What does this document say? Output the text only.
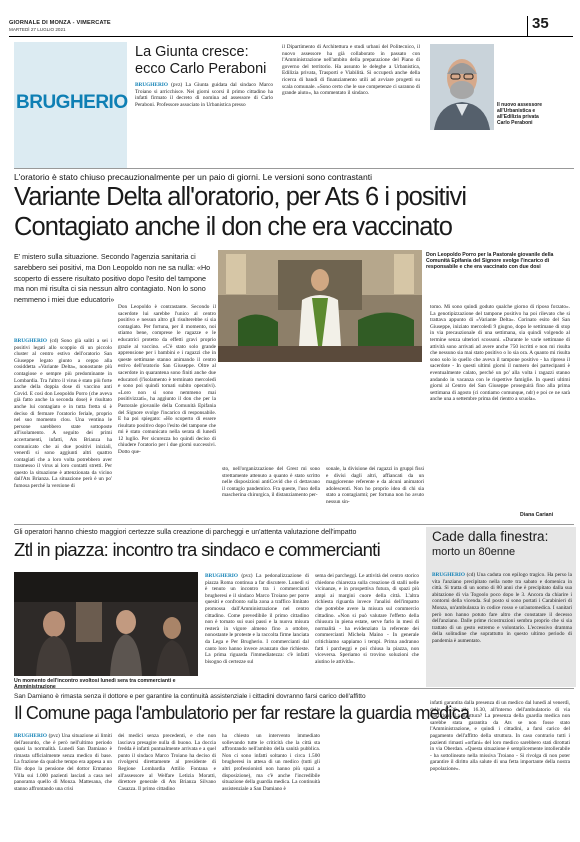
GIORNALE DI MONZA - VIMERCATE
MARTEDÌ 27 LUGLIO 2021	35
BRUGHERIO
La Giunta cresce:
ecco Carlo Peraboni
BRUGHERIO (pvz) La Giunta guidata dal sindaco Marco Troiano si arricchisce. Nei giorni scorsi il primo cittadino ha infatti firmato il decreto di nomina ad assessore di Carlo Peraboni. Professore associato in Urbanistica presso
il Dipartimento di Architettura e studi urbani del Politecnico, il nuovo assessore ha già collaborato in passato con l'Amministrazione nell'ambito della preparazione del Piano di governo del territorio. Ha assunto le deleghe a Urbanistica, Edilizia privata, Trasporti e Viabilità. Si occuperà anche della ricerca di bandi di finanziamento utili ad avviare progetti su scala comunale. «Sono certo che le sue competenze ci saranno di grande aiuto», ha commentato il sindaco.
Il nuovo assessore all'Urbanistica e all'Edilizia privata Carlo Peraboni
L'oratorio è stato chiuso precauzionalmente per un paio di giorni. Le versioni sono contrastanti
Variante Delta all'oratorio, per Ats 6 i positivi
Contagiato anche il don che era vaccinato
E' mistero sulla situazione. Secondo l'agenzia sanitaria ci sarebbero sei positivi, ma Don Leopoldo non ne sa nulla: «Ho scoperto di essere risultato positivo dopo l'esito del tampone ma non mi risulta ci sia nessun altro contagiato. Non lo sono nemmeno i miei due educatori»
Don Leopoldo Porro per la Pastorale giovanile della Comunità Epifania del Signore svolge l'incarico di responsabile e che era vaccinato con due dosi
BRUGHERIO (cd) Sono già saliti a sei i positivi legati allo scoppio di un piccolo cluster al centro estivo dell'oratorio San Giuseppe legato giunto a ceppo alla cosiddetta «Variante Delta», nonostante più contagiose e sempre più predominante in Lombardia. Tra l'altro il virus è stato più forte anche della doppia dose di vaccino anti Covid. E così don Leopoldo Porro (che aveva già fatto anche la seconda dose) è risultato anche lui contagiato e in tutta fretta si è deciso di fermare l'oratorio feriale, proprio nel suo momento clou. Una ventina le persone sarebbero state sottoposte all'isolamento. A seguito dei primi accertamenti, infatti, Ats Brianza ha comunicato che ai due positivi iniziali, venerdì si sono aggiunti altri quattro contagiati che a loro volta potrebbero aver trasmesso il virus ai loro contatti stretti. Per questo la situazione è attenzionata da vicino dall'Ats Brianza. La situazione però è un po' fumosa perché la versione di
Don Leopoldo è contrastante. Secondo il sacerdote lui sarebbe l'unico al centro positivo e nessun altro gli risulterebbe si sia contagiato. Per fortuna, per il momento, noi stiamo bene, comprese le ragazze e le educatrici protetto da effetti gravi proprio grazie al vaccino. «C'è stato solo grande apprensione per i bambini e i ragazzi che in queste settimane stanno animando il centro estivo dell'oratorio San Giuseppe. Oltre al sacerdote in quarantena sono finiti anche due educatori (l'isolamento è terminato mercoledì e sono poi quindi tornati subito operativi). «Loro non si sono nemmeno mai positivizzati», ha aggiunto il don che per la Pastorale giovanile della Comunità Epifania del Signore svolge l'incarico di responsabile. E ha poi spiegato: «Ho scoperto di essere risultato positivo dopo l'esito del tampone che mi è stato comunicato nella serata di lunedì 12 luglio. Per sicurezza ho quindi deciso di chiudere l'oratorio per i due giorni successivi. Dotto que-
sto, nell'organizzazione del Grest mi sono strettamente attenuto a quanto è stato scritto nelle disposizioni antiCovid che ci dettavano il contagio pandemico. Fra queste, l'uso della mascherina chirurgica, il distanziamento per-
sonale, la divisione dei ragazzi in gruppi fissi e divisi dagli altri, affiancati da un maggiorenne referente e da alcuni animatori adolescenti. Non ho proprio idea di chi sia stato a contagiarmi; per fortuna non ho avuto nessun sin-
tomo. Mi sono quindi goduto qualche giorno di riposo forzato». La genotipizzazione del tampone positivo ha poi rilevato che si trattava appunto di «Variante Delta». Corinato esito del San Giuseppe, iniziato mercoledì 9 giugno, dopo le settimane di stop in via precauzionale di una settimana, sia quindi volgendo al termine senza ulteriori scossoni. «Durante le varie settimane di attività sono arrivati ad avere anche 750 iscritti e non mi risulta che nessuno sia mai stato positivo o lo sia ora. A quanto mi risulta sono solo io quello che aveva il tampone positivo - ha ripreso il sacerdote - In questi ultimi giorni il numero dei partecipanti è eventualmente calato, perché un po' alla volta i ragazzi stanno andando in vacanza con le rispettive famiglie. In questi ultimi giorni al Centro del San Giuseppe proseguirà fino alla prima settimana di agosto (ci contiamo comunque, ndr) e poi ce ne sarà anche una a settembre prima del rientro a scuola».
Diana Cariani
Gli operatori hanno chiesto maggiori certezze sulla creazione di parcheggi e un'attenta valutazione dell'impatto
Ztl in piazza: incontro tra sindaco e commercianti
Un momento dell'incontro svoltosi lunedì sera tra commercianti e
BRUGHERIO (pvz) La pedonalizzazione di piazza Roma continua a far discutere. Lunedì si è tenuto un incontro tra i commercianti brugheresi e il sindaco Marco Troiano per porre quesiti e confronto sulla zona a traffico limitato promossa dall'Amministrazione nel centro cittadino. Come prevedibile il primo cittadino non è tornato sui suoi passi e la nuova misura resterà in vigore almeno fino a ottobre, nonostante le proteste e la raccolta firme lanciata da Lega e Per Brugherio. I commercianti dal canto loro hanno invece avanzato due richieste. La prima riguarda l'immediatezza: c'è infatti bisogno di certezze sul
sema dei parcheggi. Le attività del centro storico chiedono chiarezza sulla creazione di stalli nelle vicinanze, e in prospettiva futura, di spazi più ampi ai margini cuore della città. L'altra richiesta riguarda invece l'analisi dell'impatto che potrebbe avere la misura sul commercio cittadino. «Non si può valutare l'effetto della chiusura in piena estate, serve farlo in mesi di normalità - ha evidenziato la referente dei commercianti Michela Maino - In generale critichiamo sappiamo i tempi. Prima andranno fatti i parcheggi e poi chiusa la piazza, non viceversa. Speriamo si trovino soluzioni che aiutino le attività».
Cade dalla finestra:
morto un 80enne
BRUGHERIO (cd) Una caduta con epilogo tragico. Ha perso la vita l'anziano precipitato nella notte tra sabato e domenica in città. Si tratta di un uomo di 80 anni che è precipitato dalla sua abitazione di via Togoolo poco dopo le 3. Ancora da chiarire i contorni della vicenda. Sul posto si sono portati i Carabinieri di Monza, un'ambulanza in codice rosso e un'automedica. I sanitari però non hanno potuto fare altro che constatare il decesso dell'anziano. Dalle prime ricostruzioni sembra proprio che si sia trattato di un gesto estremo e volontario. L'eccessivo dramma della solitudine che soprattutto in questo ultimo periodo di pandemia è aumentato.
San Damiano è rimasta senza il dottore e per garantire la continuità assistenziale i cittadini dovranno farsi carico dell'affitto
Il Comune paga l'ambulatorio per far restare la guardia medica
BRUGHERIO (pvz) Una situazione ai limiti dell'assurdo, che è però nell'ultimo periodo quasi la normalità. Lunedì San Damiano è rimasta ufficialmente senza medico di base. La frazione da qualche tempo era appesa a un filo dopo la pensione del dottor Ermanno Villa sui 1.000 pazienti lasciati a casa nel panorama quello di Monza. Mattesana, che stanno affrontando una crisi
dei medici senza precedenti, e che non lasciava presagire nulla di buono. La doccia fredda è infatti puntualmente arrivata e a quel punto il sindaco Marco Troiano ha deciso di rivolgersi direttamente al presidente di Regione Lombardia Attilio Fontana e all'assessore al Welfare Letizia Moratti, direttore generale di Ats Brianza Silvano Casazza. Il primo cittadino
ha chiesto un intervento immediato sollevando tutte le criticità che la città sta affrontando nell'ambito della sanità pubblica. Non ci sono infatti soltanto i circa 1.500 brugheresi in attesa di un medico (tutti gli altri professionisti non hanno più spazi a disposizione), ma c'è anche l'incredibile situazione della guardia medica. La continuità assistenziale a San Damiano è
infatti garantita dalla presenza di un medico dal lunedì al venerdì, dalle 15.30 alle 16.30, all'interno dell'ambulatorio di via Corridoni. La struttura? La presenza della guardia medica non sarebbe stata garantita da Ats se non fosse stato l'Amministrazione, e quindi i cittadini, a farsi carico del pagamento dell'affitto della struttura. In caso contrario tutti i pazienti rimasti «orfani» del loro medico sarebbero stati dirottati in via Oberdan. «Questa situazione è semplicemente intollerabile - ha sottolineato nella missiva Troiano - Si rivolga di non poter garantire il diritto alla salute di una fetta importante della nostra popolazione».
